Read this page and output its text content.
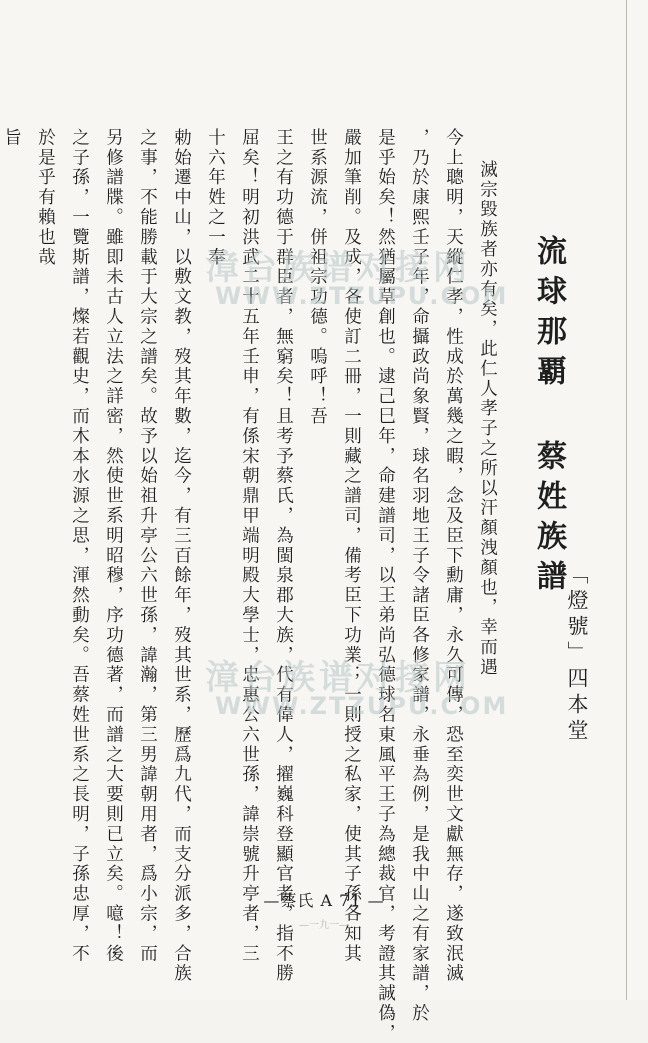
流球那覇 蔡姓族譜
「燈號」四本堂
滅宗毀族者亦有矣，此仁人孝子之所以汗顏洩顏也，幸而遇
今上聰明，天縱仁孝，性成於萬幾之暇，念及臣下勳庸，永久可傳，恐至奕世文獻無存，遂致泯滅
，乃於康熙壬子年，命攝政尚象賢，球名羽地王子令諸臣各修家譜，永垂為例，是我中山之有家譜，於
是乎始矣！然猶屬草創也。逮己巳年，命建譜司，以王弟尚弘德球名東風平王子為總裁官，考證其誠偽，
嚴加筆削。及成，各使訂二冊，一則藏之譜司，備考臣下功業；一則授之私家，使其子孫各知其
世系源流，併祖宗功德。嗚呼！吾
王之有功德于群臣者，無窮矣！且考予蔡氏，為閩泉郡大族，代有偉人，擢巍科登顯官者，指不勝
屈矣！明初洪武二十五年壬申，有係宋朝鼎甲端明殿大學士，忠惠公六世孫，諱崇號升亭者，三
十六年姓之一奉
勅始遷中山，以敷文教，歿其年數，迄今，有三百餘年，歿其世系，歷爲九代，而支分派多，合族
之事，不能勝載于大宗之譜矣。故予以始祖升亭公六世孫，諱瀚，第三男諱朝用者，爲小宗，而
另修譜牒。雖即未古人立法之詳密，然使世系明昭穆，序功德著，而譜之大要則已立矣。噫！後
之子孫，一覽斯譜，燦若觀史，而木本水源之思，渾然動矣。吾蔡姓世系之長明，子孫忠厚，不
於是乎有賴也哉
旨
漳台族谱对接网
WWW.ZTZUPU.COM
漳台族谱对接网
WWW.ZTZUPU.COM
—蔡氏 A 71 —
—一九一—
